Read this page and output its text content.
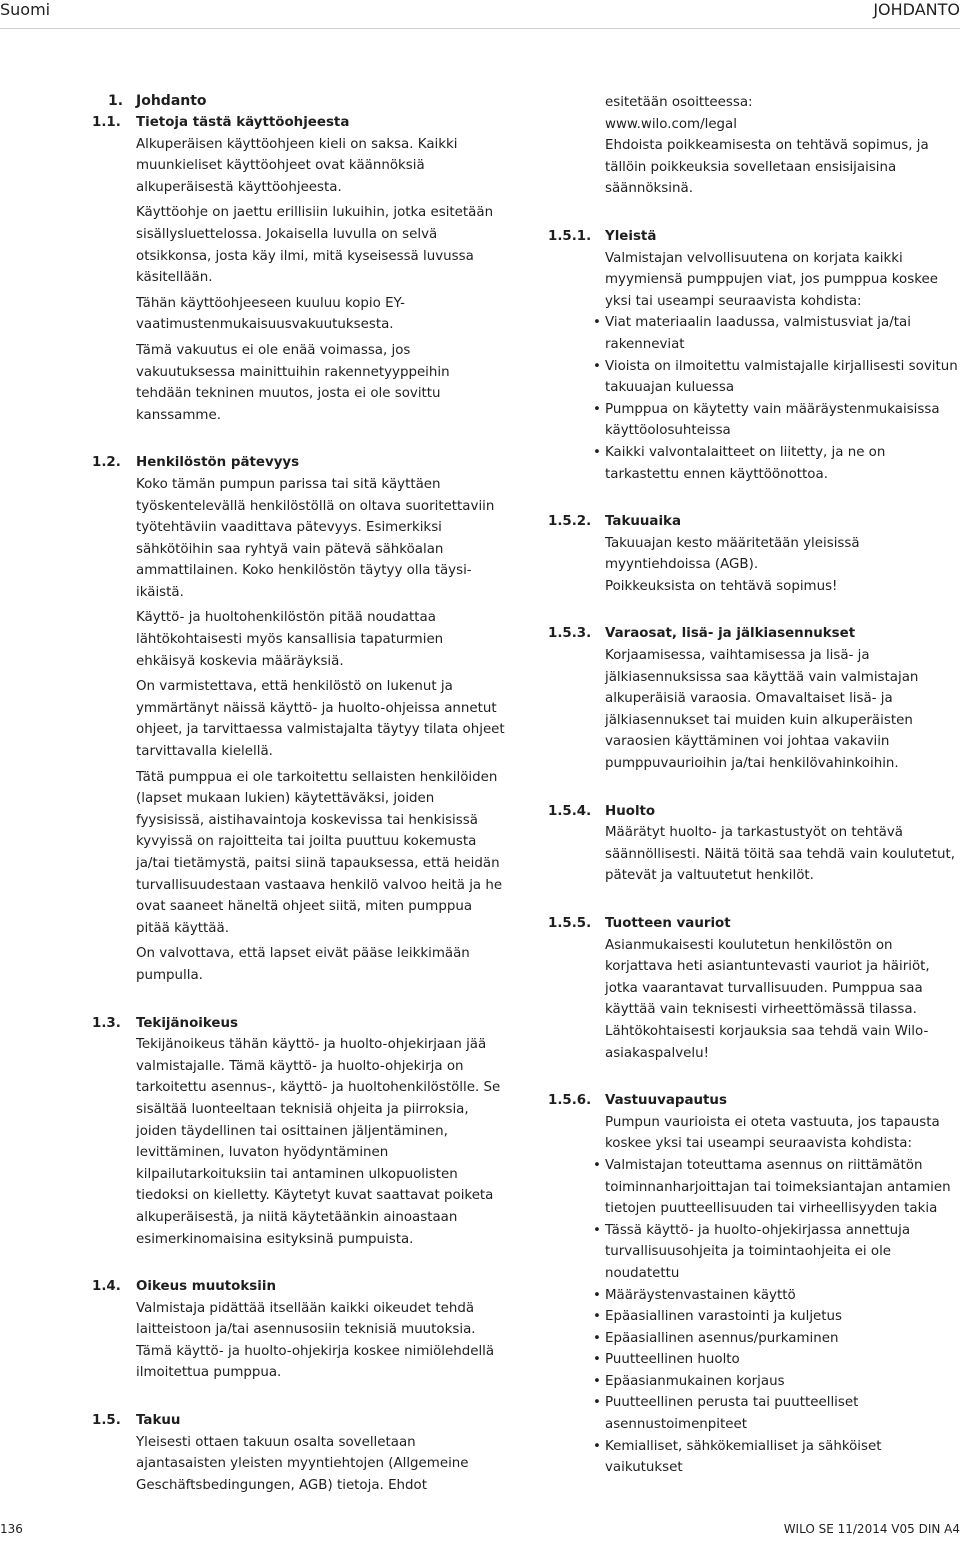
Suomi	JOHDANTO
1. Johdanto
1.1. Tietoja tästä käyttöohjeesta

Alkuperäisen käyttöohjeen kieli on saksa. Kaikki muunkieliset käyttöohjeet ovat käännöksiä alkuperäisestä käyttöohjeesta.

Käyttöohje on jaettu erillisiin lukuihin, jotka esitetään sisällysluettelossa. Jokaisella luvulla on selvä otsikkonsa, josta käy ilmi, mitä kyseisessä luvussa käsitellään.

Tähän käyttöohjeeseen kuuluu kopio EY-vaatimustenmukaisuusvakuutuksesta.

Tämä vakuutus ei ole enää voimassa, jos vakuutuksessa mainittuihin rakennetyyppeihin tehdään tekninen muutos, josta ei ole sovittu kanssamme.

1.2. Henkilöstön pätevyys

Koko tämän pumpun parissa tai sitä käyttäen työskentelevällä henkilöstöllä on oltava suoritettaviin työtehtäviin vaadittava pätevyys. Esimerkiksi sähkötöihin saa ryhtyä vain pätevä sähköalan ammattilainen. Koko henkilöstön täytyy olla täysi-ikäistä.

Käyttö- ja huoltohenkilöstön pitää noudattaa lähtökohtaisesti myös kansallisia tapaturmien ehkäisyä koskevia määräyksiä.

On varmistettava, että henkilöstö on lukenut ja ymmärtänyt näissä käyttö- ja huolto-ohjeissa annetut ohjeet, ja tarvittaessa valmistajalta täytyy tilata ohjeet tarvittavalla kielellä.

Tätä pumppua ei ole tarkoitettu sellaisten henkilöiden (lapset mukaan lukien) käytettäväksi, joiden fyysisissä, aistihavaintoja koskevissa tai henkisissä kyvyissä on rajoitteita tai joilta puuttuu kokemusta ja/tai tietämystä, paitsi siinä tapauksessa, että heidän turvallisuudestaan vastaava henkilö valvoo heitä ja he ovat saaneet häneltä ohjeet siitä, miten pumppua pitää käyttää.

On valvottava, että lapset eivät pääse leikkimään pumpulla.

1.3. Tekijänoikeus

Tekijänoikeus tähän käyttö- ja huolto-ohjekirjaan jää valmistajalle. Tämä käyttö- ja huolto-ohjekirja on tarkoitettu asennus-, käyttö- ja huoltohenkilöstölle. Se sisältää luonteeltaan teknisiä ohjeita ja piirroksia, joiden täydellinen tai osittainen jäljentäminen, levittäminen, luvaton hyödyntäminen kilpailutarkoituksiin tai antaminen ulkopuolisten tiedoksi on kielletty. Käytetyt kuvat saattavat poiketa alkuperäisestä, ja niitä käytetäänkin ainoastaan esimerkinomaisina esityksinä pumpuista.

1.4. Oikeus muutoksiin

Valmistaja pidättää itsellään kaikki oikeudet tehdä laitteistoon ja/tai asennusosiin teknisiä muutoksia. Tämä käyttö- ja huolto-ohjekirja koskee nimiölehdellä ilmoitettua pumppua.

1.5. Takuu

Yleisesti ottaen takuun osalta sovelletaan ajantasaisten yleisten myyntiehtojen (Allgemeine Geschäftsbedingungen, AGB) tietoja. Ehdot

esitetään osoitteessa:

www.wilo.com/legal

Ehdoista poikkeamisesta on tehtävä sopimus, ja tällöin poikkeuksia sovelletaan ensisijaisina säännöksinä.

1.5.1. Yleistä

Valmistajan velvollisuutena on korjata kaikki myymiensä pumppujen viat, jos pumppua koskee yksi tai useampi seuraavista kohdista:

• Viat materiaalin laadussa, valmistusviat ja/tai rakenneviat
• Vioista on ilmoitettu valmistajalle kirjallisesti sovitun takuuajan kuluessa
• Pumppua on käytetty vain määräystenmukaisissa käyttöolosuhteissa
• Kaikki valvontalaitteet on liitetty, ja ne on tarkastettu ennen käyttöönottoa.
1.5.2. Takuuaika

Takuuajan kesto määritetään yleisissä myyntiehdoissa (AGB).

Poikkeuksista on tehtävä sopimus!

1.5.3. Varaosat, lisä- ja jälkiasennukset

Korjaamisessa, vaihtamisessa ja lisä- ja jälkiasennuksissa saa käyttää vain valmistajan alkuperäisiä varaosia. Omavaltaiset lisä- ja jälkiasennukset tai muiden kuin alkuperäisten varaosien käyttäminen voi johtaa vakaviin pumppuvaurioihin ja/tai henkilövahinkoihin.

1.5.4. Huolto

Määrätyt huolto- ja tarkastustyöt on tehtävä säännöllisesti. Näitä töitä saa tehdä vain koulutetut, pätevät ja valtuutetut henkilöt.

1.5.5. Tuotteen vauriot

Asianmukaisesti koulutetun henkilöstön on korjattava heti asiantuntevasti vauriot ja häiriöt, jotka vaarantavat turvallisuuden. Pumppua saa käyttää vain teknisesti virheettömässä tilassa. Lähtökohtaisesti korjauksia saa tehdä vain Wilo-asiakaspalvelu!

1.5.6. Vastuuvapautus

Pumpun vaurioista ei oteta vastuuta, jos tapausta koskee yksi tai useampi seuraavista kohdista:

• Valmistajan toteuttama asennus on riittämätön toiminnanharjoittajan tai toimeksiantajan antamien tietojen puutteellisuuden tai virheellisyyden takia
• Tässä käyttö- ja huolto-ohjekirjassa annettuja turvallisuusohjeita ja toimintaohjeita ei ole noudatettu
• Määräystenvastainen käyttö
• Epäasiallinen varastointi ja kuljetus
• Epäasiallinen asennus/purkaminen
• Puutteellinen huolto
• Epäasianmukainen korjaus
• Puutteellinen perusta tai puutteelliset asennustoimenpiteet
• Kemialliset, sähkökemialliset ja sähköiset vaikutukset
136	WILO SE 11/2014 V05 DIN A4
